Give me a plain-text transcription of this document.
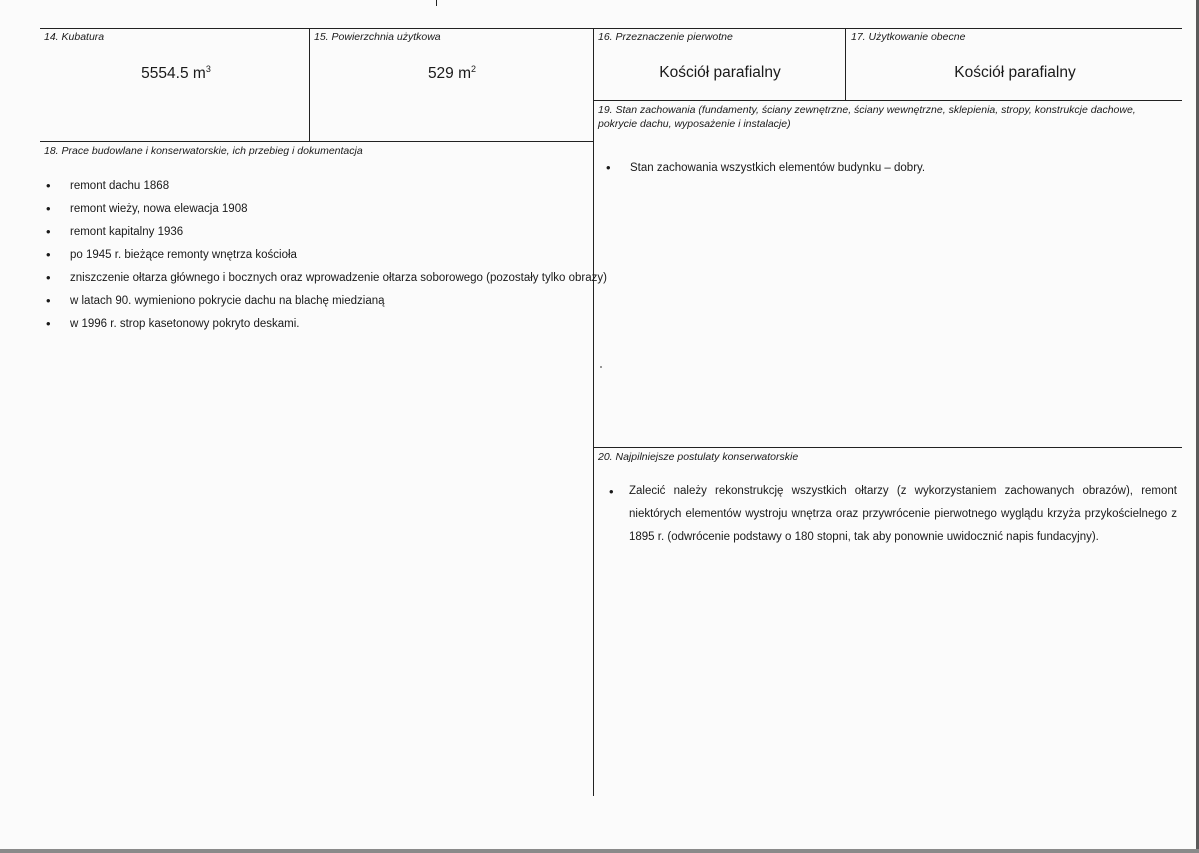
14. Kubatura
5554.5 $m^3$
15. Powierzchnia użytkowa
529 $m^2$
16. Przeznaczenie pierwotne
Kościół parafialny
17. Użytkowanie obecne
Kościół parafialny
19. Stan zachowania (fundamenty, ściany zewnętrzne, ściany wewnętrzne, sklepienia, stropy, konstrukcje dachowe, pokrycie dachu, wyposażenie i instalacje)
• Stan zachowania wszystkich elementów budynku – dobry.
18. Prace budowlane i konserwatorskie, ich przebieg i dokumentacja
• remont dachu 1868
• remont wieży, nowa elewacja 1908
• remont kapitalny 1936
• po 1945 r. bieżące remonty wnętrza kościoła
• zniszczenie ołtarza głównego i bocznych oraz wprowadzenie ołtarza soborowego (pozostały tylko obrazy)
• w latach 90. wymieniono pokrycie dachu na blachę miedzianą
• w 1996 r. strop kasetonowy pokryto deskami.
20. Najpilniejsze postulaty konserwatorskie
• Zalecić należy rekonstrukcję wszystkich ołtarzy (z wykorzystaniem zachowanych obrazów), remont niektórych elementów wystroju wnętrza oraz przywrócenie pierwotnego wyglądu krzyża przykościelnego z 1895 r. (odwrócenie podstawy o 180 stopni, tak aby ponownie uwidocznić napis fundacyjny).
